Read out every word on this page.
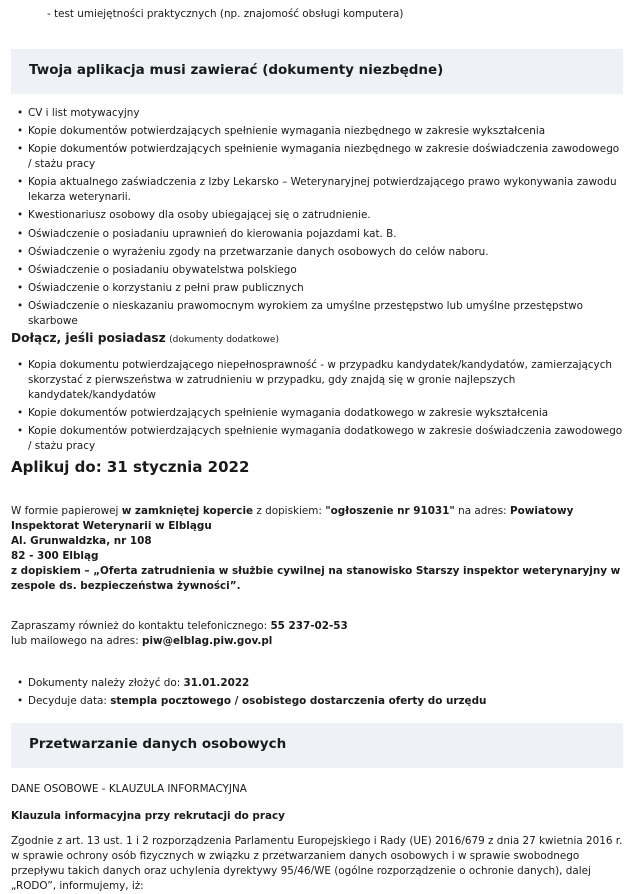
- test umiejętności praktycznych (np. znajomość obsługi komputera)
Twoja aplikacja musi zawierać (dokumenty niezbędne)
• CV i list motywacyjny
• Kopie dokumentów potwierdzających spełnienie wymagania niezbędnego w zakresie wykształcenia
• Kopie dokumentów potwierdzających spełnienie wymagania niezbędnego w zakresie doświadczenia zawodowego / stażu pracy
• Kopia aktualnego zaświadczenia z Izby Lekarsko – Weterynaryjnej potwierdzającego prawo wykonywania zawodu lekarza weterynarii.
• Kwestionariusz osobowy dla osoby ubiegającej się o zatrudnienie.
• Oświadczenie o posiadaniu uprawnień do kierowania pojazdami kat. B.
• Oświadczenie o wyrażeniu zgody na przetwarzanie danych osobowych do celów naboru.
• Oświadczenie o posiadaniu obywatelstwa polskiego
• Oświadczenie o korzystaniu z pełni praw publicznych
• Oświadczenie o nieskazaniu prawomocnym wyrokiem za umyślne przestępstwo lub umyślne przestępstwo skarbowe
Dołącz, jeśli posiadasz (dokumenty dodatkowe)
• Kopia dokumentu potwierdzającego niepełnosprawność - w przypadku kandydatek/kandydatów, zamierzających skorzystać z pierwszeństwa w zatrudnieniu w przypadku, gdy znajdą się w gronie najlepszych kandydatek/kandydatów
• Kopie dokumentów potwierdzających spełnienie wymagania dodatkowego w zakresie wykształcenia
• Kopie dokumentów potwierdzających spełnienie wymagania dodatkowego w zakresie doświadczenia zawodowego / stażu pracy
Aplikuj do: 31 stycznia 2022

W formie papierowej w zamkniętej kopercie z dopiskiem: "ogłoszenie nr 91031" na adres: Powiatowy Inspektorat Weterynarii w Elblągu

Al. Grunwaldzka, nr 108

82 - 300 Elbląg

z dopiskiem – „Oferta zatrudnienia w służbie cywilnej na stanowisko Starszy inspektor weterynaryjny w zespole ds. bezpieczeństwa żywności”.

Zapraszamy również do kontaktu telefonicznego: 55 237-02-53

lub mailowego na adres: piw@elblag.piw.gov.pl

• Dokumenty należy złożyć do: 31.01.2022
• Decyduje data: stempla pocztowego / osobistego dostarczenia oferty do urzędu
Przetwarzanie danych osobowych
DANE OSOBOWE - KLAUZULA INFORMACYJNA
Klauzula informacyjna przy rekrutacji do pracy
Zgodnie z art. 13 ust. 1 i 2 rozporządzenia Parlamentu Europejskiego i Rady (UE) 2016/679 z dnia 27 kwietnia 2016 r. w sprawie ochrony osób fizycznych w związku z przetwarzaniem danych osobowych i w sprawie swobodnego przepływu takich danych oraz uchylenia dyrektywy 95/46/WE (ogólne rozporządzenie o ochronie danych), dalej „RODO”, informujemy, iż:
